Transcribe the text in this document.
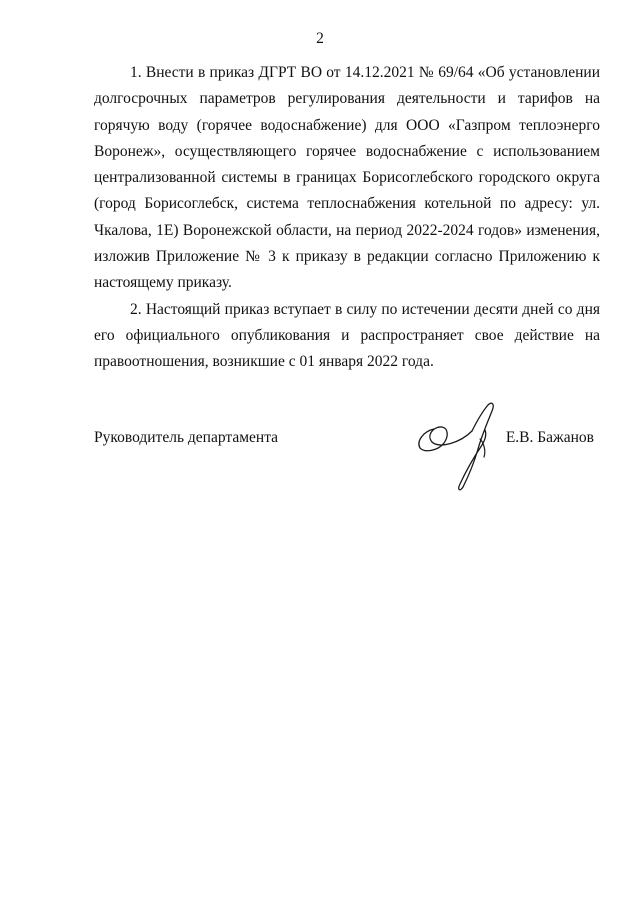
2

1. Внести в приказ ДГРТ ВО от 14.12.2021 № 69/64 «Об установлении долгосрочных параметров регулирования деятельности и тарифов на горячую воду (горячее водоснабжение) для ООО «Газпром теплоэнерго Воронеж», осуществляющего горячее водоснабжение с использованием централизованной системы в границах Борисоглебского городского округа (город Борисоглебск, система теплоснабжения котельной по адресу: ул. Чкалова, 1Е) Воронежской области, на период 2022-2024 годов» изменения, изложив Приложение № 3 к приказу в редакции согласно Приложению к настоящему приказу.

2. Настоящий приказ вступает в силу по истечении десяти дней со дня его официального опубликования и распространяет свое действие на правоотношения, возникшие с 01 января 2022 года.

Руководитель департамента	Е.В. Бажанов
